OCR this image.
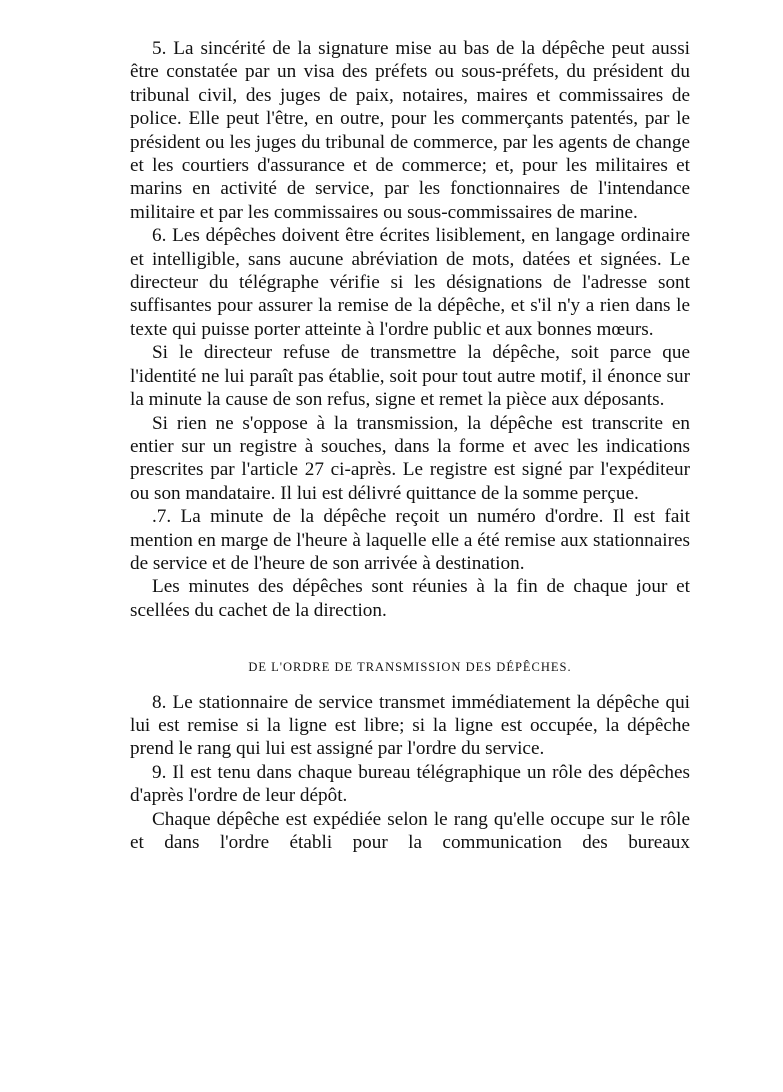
5. La sincérité de la signature mise au bas de la dépêche peut aussi être constatée par un visa des préfets ou sous-préfets, du président du tribunal civil, des juges de paix, notaires, maires et commissaires de police. Elle peut l'être, en outre, pour les commerçants patentés, par le président ou les juges du tribunal de commerce, par les agents de change et les courtiers d'assurance et de commerce; et, pour les militaires et marins en activité de service, par les fonctionnaires de l'intendance militaire et par les commissaires ou sous-commissaires de marine.

6. Les dépêches doivent être écrites lisiblement, en langage ordinaire et intelligible, sans aucune abréviation de mots, datées et signées. Le directeur du télégraphe vérifie si les désignations de l'adresse sont suffisantes pour assurer la remise de la dépêche, et s'il n'y a rien dans le texte qui puisse porter atteinte à l'ordre public et aux bonnes mœurs.

Si le directeur refuse de transmettre la dépêche, soit parce que l'identité ne lui paraît pas établie, soit pour tout autre motif, il énonce sur la minute la cause de son refus, signe et remet la pièce aux déposants.

Si rien ne s'oppose à la transmission, la dépêche est transcrite en entier sur un registre à souches, dans la forme et avec les indications prescrites par l'article 27 ci-après. Le registre est signé par l'expéditeur ou son mandataire. Il lui est délivré quittance de la somme perçue.

.7. La minute de la dépêche reçoit un numéro d'ordre. Il est fait mention en marge de l'heure à laquelle elle a été remise aux stationnaires de service et de l'heure de son arrivée à destination.

Les minutes des dépêches sont réunies à la fin de chaque jour et scellées du cachet de la direction.

DE L'ORDRE DE TRANSMISSION DES DÉPÊCHES.

8. Le stationnaire de service transmet immédiatement la dépêche qui lui est remise si la ligne est libre; si la ligne est occupée, la dépêche prend le rang qui lui est assigné par l'ordre du service.

9. Il est tenu dans chaque bureau télégraphique un rôle des dépêches d'après l'ordre de leur dépôt.

Chaque dépêche est expédiée selon le rang qu'elle occupe sur le rôle et dans l'ordre établi pour la communication des bureaux
